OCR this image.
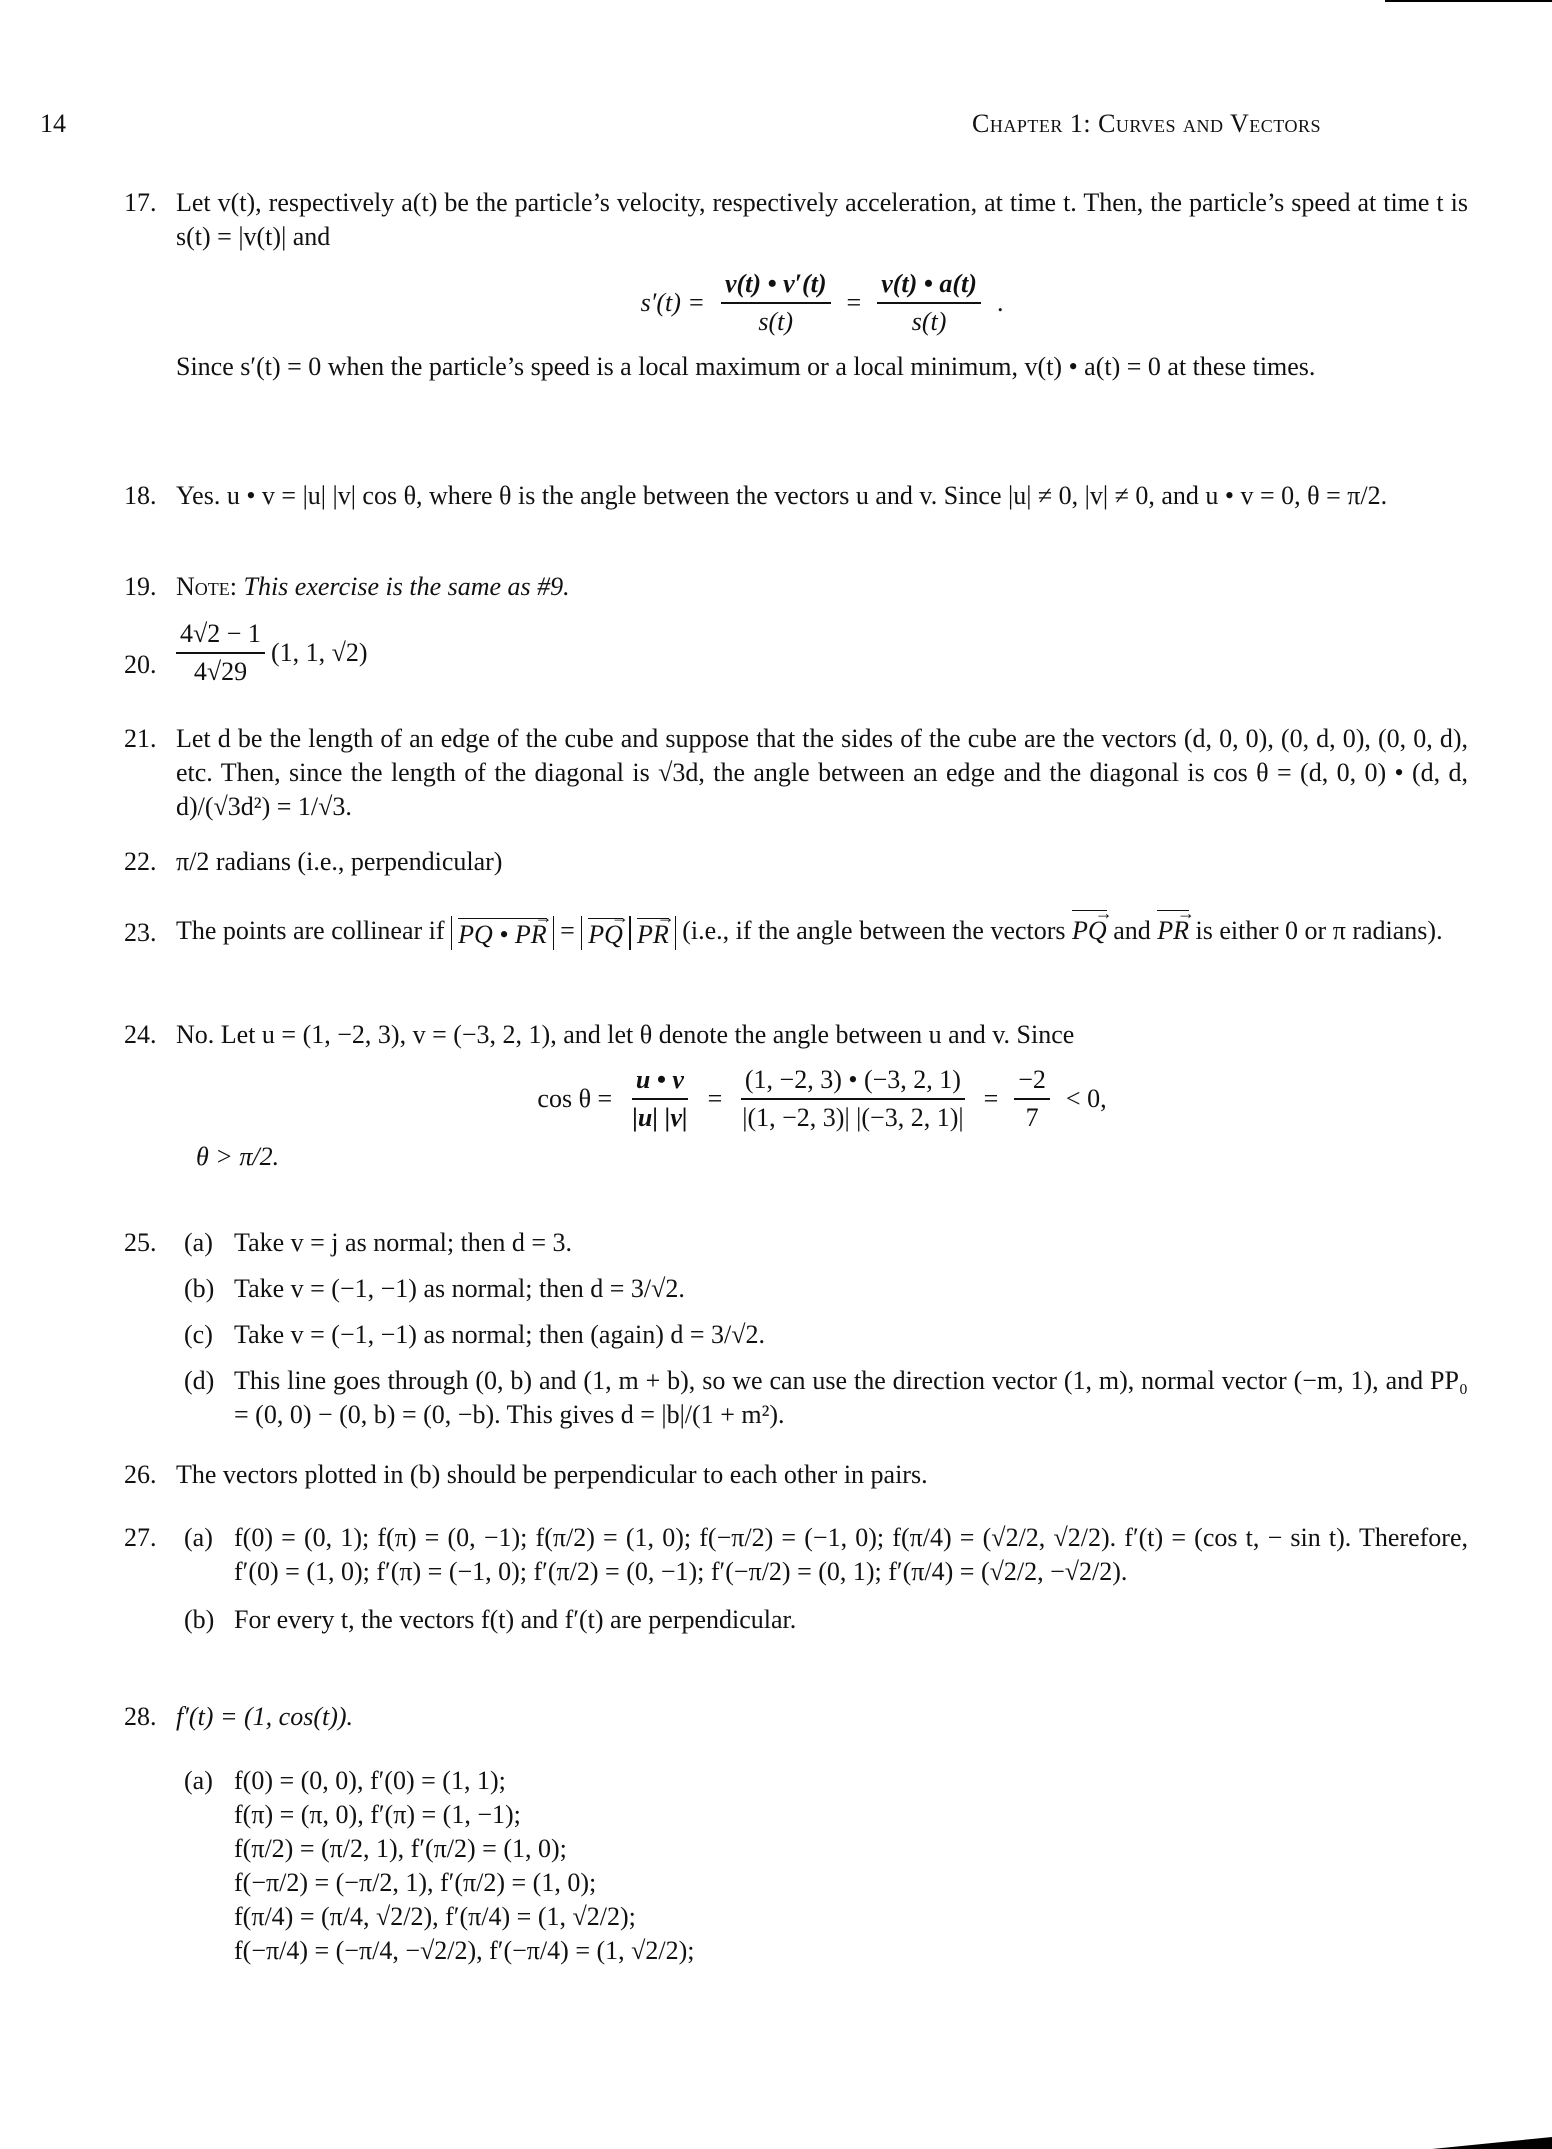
14	Chapter 1: Curves and Vectors
17. Let v(t), respectively a(t) be the particle’s velocity, respectively acceleration, at time t. Then, the particle’s speed at time t is s(t) = |v(t)| and
$s'(t) = \frac{v(t) • v'(t)}{s(t)} = \frac{v(t) • a(t)}{s(t)}$ .
Since s′(t) = 0 when the particle’s speed is a local maximum or a local minimum, v(t) • a(t) = 0 at these times.
18. Yes. u • v = |u| |v| cos θ, where θ is the angle between the vectors u and v. Since |u| ≠ 0, |v| ≠ 0, and u • v = 0, θ = π/2.
19. Note: This exercise is the same as #9.
20. $\frac{4√2 - 1}{4√29} (1$, 1, √2)
21. Let d be the length of an edge of the cube and suppose that the sides of the cube are the vectors (d, 0, 0), (0, d, 0), (0, 0, d), etc. Then, since the length of the diagonal is √3d, the angle between an edge and the diagonal is cos θ = (d, 0, 0) • (d, d, d)/(√3d²) = 1/√3.
22. π/2 radians (i.e., perpendicular)
23. The points are collinear if PQ • PR → = PQ → PR → (i.e., if the angle between the vectors PQ → and PR → is either 0 or π radians).
24. No. Let u = (1, −2, 3), v = (−3, 2, 1), and let θ denote the angle between u and v. Since
$\cos \theta = \frac{u • v}{|u| |v|} = \frac{(1, -2, 3) • (-3, 2, 1)}{|(1, -2, 3)| |(-3, 2, 1)|} = \frac{-2}{7} < 0$,
θ > π/2.
25. (a) Take v = j as normal; then d = 3.
(b) Take v = (−1, −1) as normal; then d = 3/√2.
(c) Take v = (−1, −1) as normal; then (again) d = 3/√2.
(d) This line goes through (0, b) and (1, m + b), so we can use the direction vector (1, m), normal vector (−m, 1), and PP₀ = (0, 0) − (0, b) = (0, −b). This gives d = |b|/(1 + m²).
26. The vectors plotted in (b) should be perpendicular to each other in pairs.
27. (a) f(0) = (0, 1); f(π) = (0, −1); f(π/2) = (1, 0); f(−π/2) = (−1, 0); f(π/4) = (√2/2, √2/2). f′(t) = (cos t, − sin t). Therefore, f′(0) = (1, 0); f′(π) = (−1, 0); f′(π/2) = (0, −1); f′(−π/2) = (0, 1); f′(π/4) = (√2/2, −√2/2).
(b) For every t, the vectors f(t) and f′(t) are perpendicular.
28. f′(t) = (1, cos(t)).
(a) f(0) = (0, 0), f′(0) = (1, 1);
f(π) = (π, 0), f′(π) = (1, −1);
f(π/2) = (π/2, 1), f′(π/2) = (1, 0);
f(−π/2) = (−π/2, 1), f′(π/2) = (1, 0);
f(π/4) = (π/4, √2/2), f′(π/4) = (1, √2/2);
f(−π/4) = (−π/4, −√2/2), f′(−π/4) = (1, √2/2);
